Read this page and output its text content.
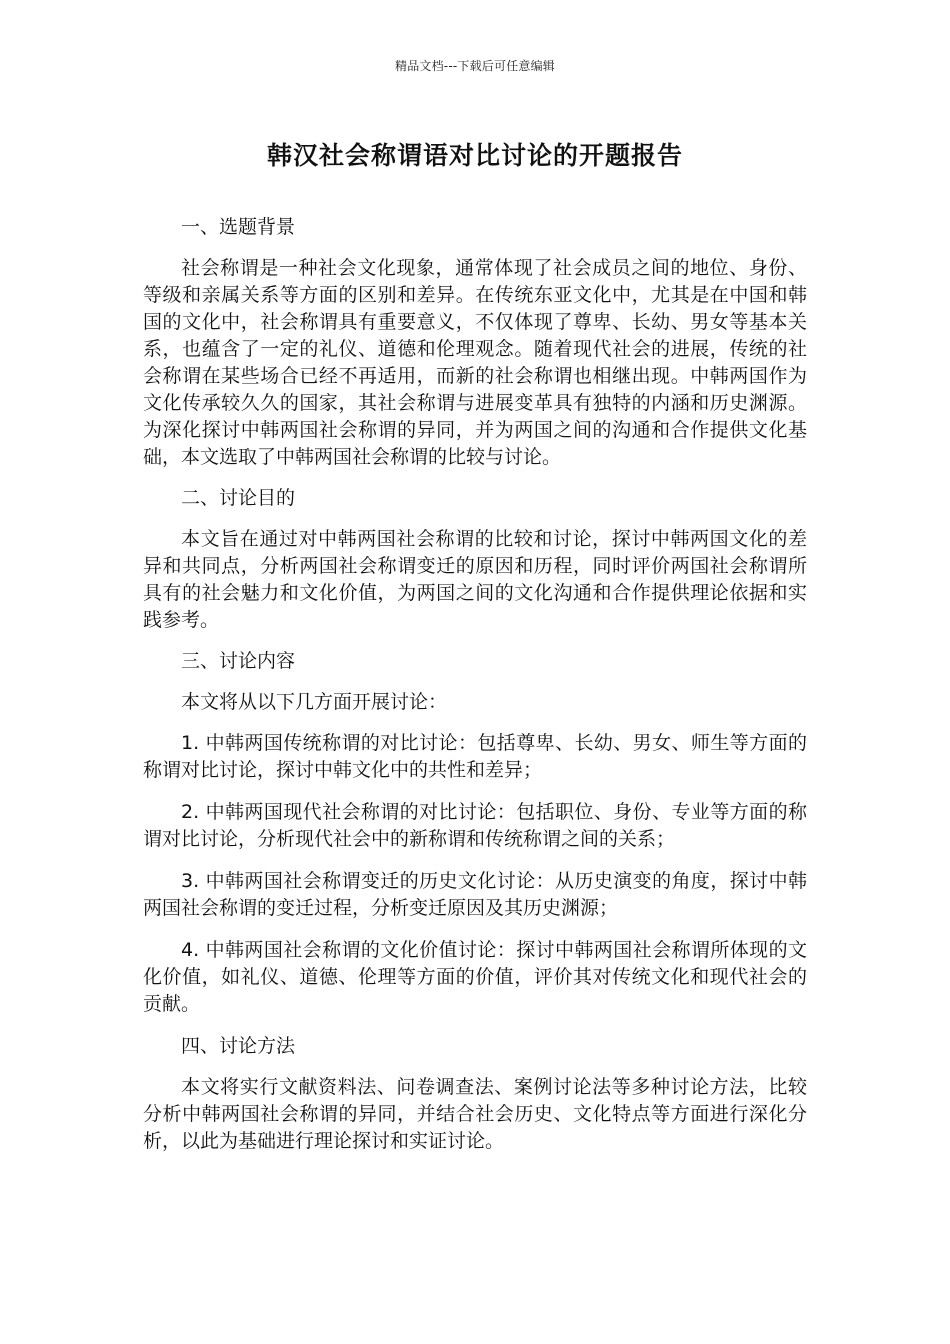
精品文档---下载后可任意编辑
韩汉社会称谓语对比讨论的开题报告

一、选题背景

社会称谓是一种社会文化现象，通常体现了社会成员之间的地位、身份、等级和亲属关系等方面的区别和差异。在传统东亚文化中，尤其是在中国和韩国的文化中，社会称谓具有重要意义，不仅体现了尊卑、长幼、男女等基本关系，也蕴含了一定的礼仪、道德和伦理观念。随着现代社会的进展，传统的社会称谓在某些场合已经不再适用，而新的社会称谓也相继出现。中韩两国作为文化传承较久久的国家，其社会称谓与进展变革具有独特的内涵和历史渊源。为深化探讨中韩两国社会称谓的异同，并为两国之间的沟通和合作提供文化基础，本文选取了中韩两国社会称谓的比较与讨论。

二、讨论目的

本文旨在通过对中韩两国社会称谓的比较和讨论，探讨中韩两国文化的差异和共同点，分析两国社会称谓变迁的原因和历程，同时评价两国社会称谓所具有的社会魅力和文化价值，为两国之间的文化沟通和合作提供理论依据和实践参考。

三、讨论内容

本文将从以下几方面开展讨论：

1. 中韩两国传统称谓的对比讨论：包括尊卑、长幼、男女、师生等方面的称谓对比讨论，探讨中韩文化中的共性和差异；

2. 中韩两国现代社会称谓的对比讨论：包括职位、身份、专业等方面的称谓对比讨论，分析现代社会中的新称谓和传统称谓之间的关系；

3. 中韩两国社会称谓变迁的历史文化讨论：从历史演变的角度，探讨中韩两国社会称谓的变迁过程，分析变迁原因及其历史渊源；

4. 中韩两国社会称谓的文化价值讨论：探讨中韩两国社会称谓所体现的文化价值，如礼仪、道德、伦理等方面的价值，评价其对传统文化和现代社会的贡献。

四、讨论方法

本文将实行文献资料法、问卷调查法、案例讨论法等多种讨论方法，比较分析中韩两国社会称谓的异同，并结合社会历史、文化特点等方面进行深化分析，以此为基础进行理论探讨和实证讨论。
